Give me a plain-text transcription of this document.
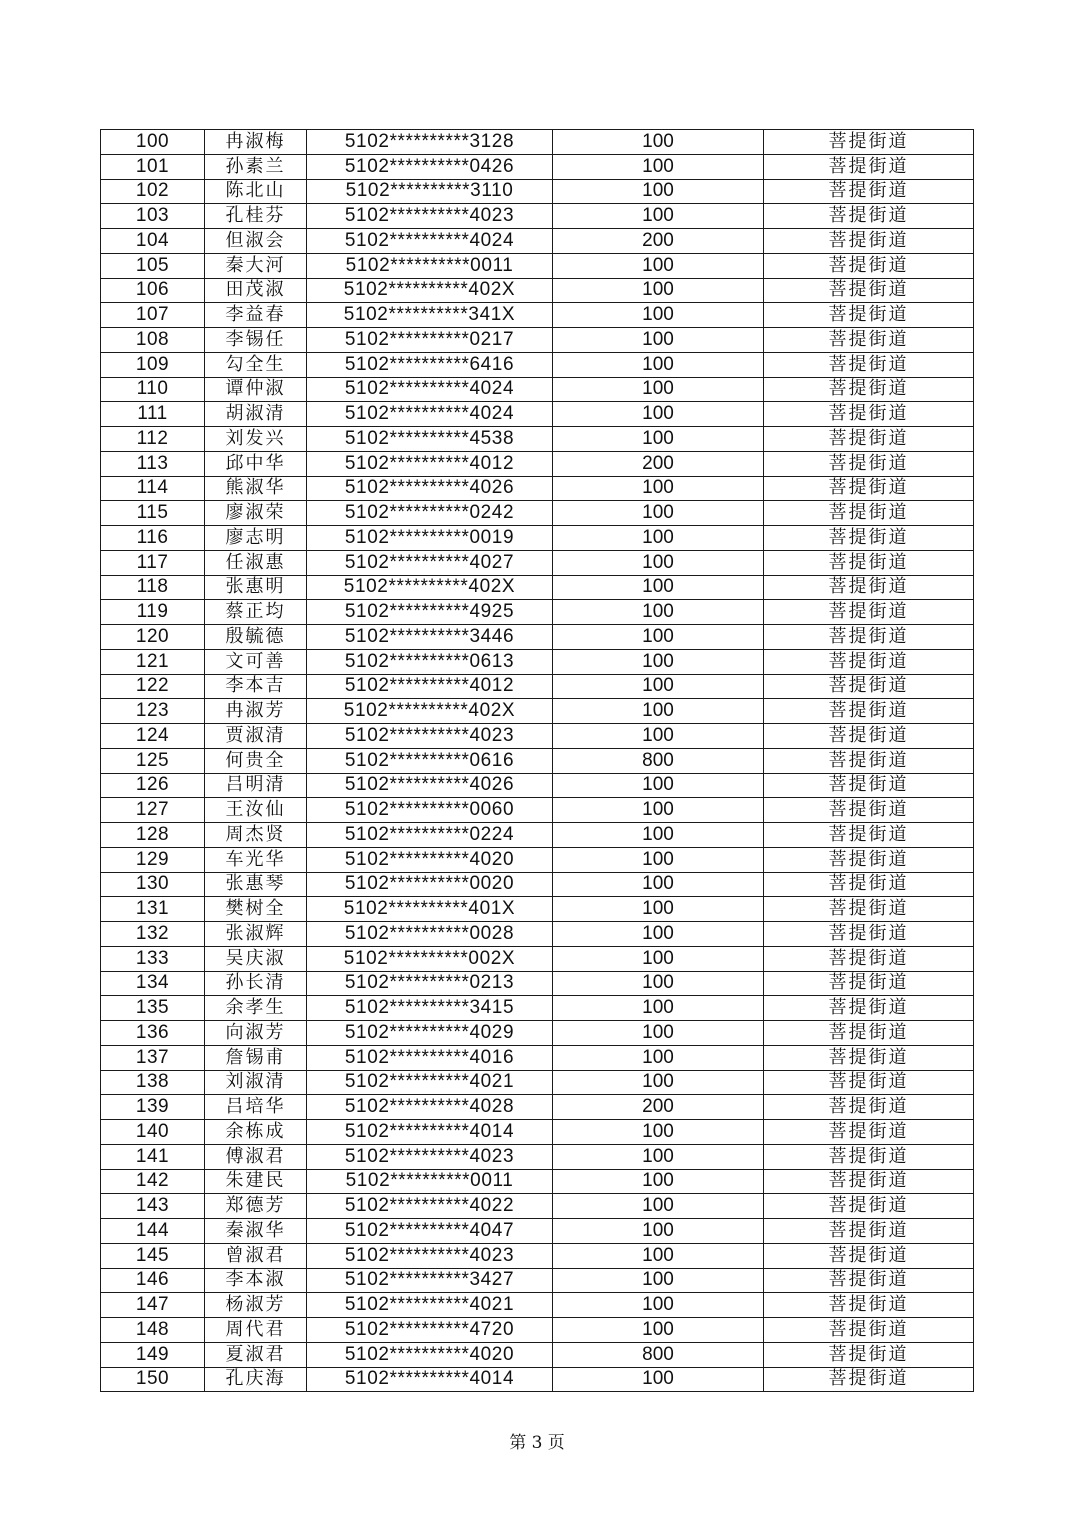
100	冉淑梅	5102**********3128	100	菩提街道
101	孙素兰	5102**********0426	100	菩提街道
102	陈北山	5102**********3110	100	菩提街道
103	孔桂芬	5102**********4023	100	菩提街道
104	但淑会	5102**********4024	200	菩提街道
105	秦大河	5102**********0011	100	菩提街道
106	田茂淑	5102**********402X	100	菩提街道
107	李益春	5102**********341X	100	菩提街道
108	李锡任	5102**********0217	100	菩提街道
109	勾全生	5102**********6416	100	菩提街道
110	谭仲淑	5102**********4024	100	菩提街道
111	胡淑清	5102**********4024	100	菩提街道
112	刘发兴	5102**********4538	100	菩提街道
113	邱中华	5102**********4012	200	菩提街道
114	熊淑华	5102**********4026	100	菩提街道
115	廖淑荣	5102**********0242	100	菩提街道
116	廖志明	5102**********0019	100	菩提街道
117	任淑惠	5102**********4027	100	菩提街道
118	张惠明	5102**********402X	100	菩提街道
119	蔡正均	5102**********4925	100	菩提街道
120	殷毓德	5102**********3446	100	菩提街道
121	文可善	5102**********0613	100	菩提街道
122	李本吉	5102**********4012	100	菩提街道
123	冉淑芳	5102**********402X	100	菩提街道
124	贾淑清	5102**********4023	100	菩提街道
125	何贵全	5102**********0616	800	菩提街道
126	吕明清	5102**********4026	100	菩提街道
127	王汝仙	5102**********0060	100	菩提街道
128	周杰贤	5102**********0224	100	菩提街道
129	车光华	5102**********4020	100	菩提街道
130	张惠琴	5102**********0020	100	菩提街道
131	樊树全	5102**********401X	100	菩提街道
132	张淑辉	5102**********0028	100	菩提街道
133	吴庆淑	5102**********002X	100	菩提街道
134	孙长清	5102**********0213	100	菩提街道
135	余孝生	5102**********3415	100	菩提街道
136	向淑芳	5102**********4029	100	菩提街道
137	詹锡甫	5102**********4016	100	菩提街道
138	刘淑清	5102**********4021	100	菩提街道
139	吕培华	5102**********4028	200	菩提街道
140	余栋成	5102**********4014	100	菩提街道
141	傅淑君	5102**********4023	100	菩提街道
142	朱建民	5102**********0011	100	菩提街道
143	郑德芳	5102**********4022	100	菩提街道
144	秦淑华	5102**********4047	100	菩提街道
145	曾淑君	5102**********4023	100	菩提街道
146	李本淑	5102**********3427	100	菩提街道
147	杨淑芳	5102**********4021	100	菩提街道
148	周代君	5102**********4720	100	菩提街道
149	夏淑君	5102**********4020	800	菩提街道
150	孔庆海	5102**********4014	100	菩提街道
第 3 页
